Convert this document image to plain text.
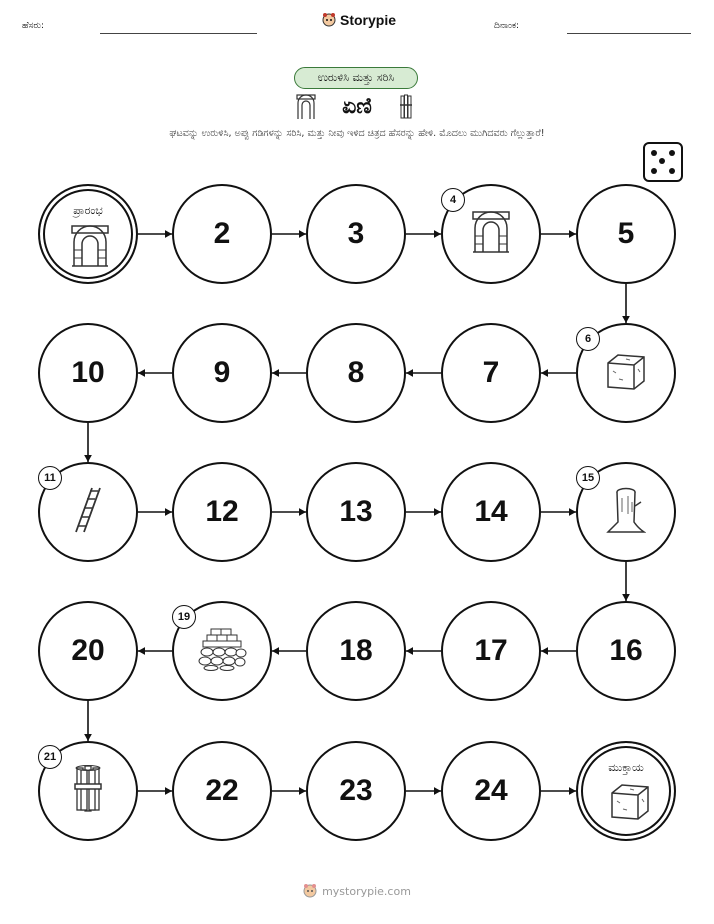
ಹೆಸರು:	Storypie	ದಿನಾಂಕ:
ಉರುಳಿಸಿ ಮತ್ತು ಸರಿಸಿ
ಏಣಿ
ಘಟವನ್ನು ಉರುಳಿಸಿ, ಅಪ್ಪು ಗಡಿಗಳನ್ನು ಸರಿಸಿ, ಮತ್ತು ನೀವು ಇಳಿದ ಚಿತ್ರದ ಹೆಸರನ್ನು ಹೇಳಿ. ಮೊದಲು ಮುಗಿದವರು ಗೆಲ್ಲುತ್ತಾರೆ!
ಪ್ರಾರಂಭ
2	3
4
5
6
7
8
9
10
11
12	13	14
15
16
17
18
19
20
21
22	23	24
ಮುಕ್ತಾಯ
mystorypie.com
